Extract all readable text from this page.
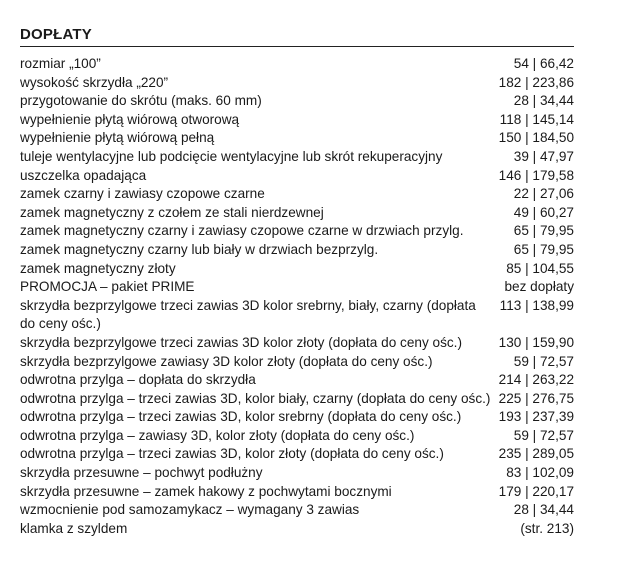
DOPŁATY
rozmiar „100”	54 | 66,42
wysokość skrzydła „220”	182 | 223,86
przygotowanie do skrótu (maks. 60 mm)	28 | 34,44
wypełnienie płytą wiórową otworową	118 | 145,14
wypełnienie płytą wiórową pełną	150 | 184,50
tuleje wentylacyjne lub podcięcie wentylacyjne lub skrót rekuperacyjny	39 | 47,97
uszczelka opadająca	146 | 179,58
zamek czarny i zawiasy czopowe czarne	22 | 27,06
zamek magnetyczny z czołem ze stali nierdzewnej	49 | 60,27
zamek magnetyczny czarny i zawiasy czopowe czarne w drzwiach przylg.	65 | 79,95
zamek magnetyczny czarny lub biały w drzwiach bezprzylg.	65 | 79,95
zamek magnetyczny złoty	85 | 104,55
PROMOCJA – pakiet PRIME	bez dopłaty
skrzydła bezprzylgowe trzeci zawias 3D kolor srebrny, biały, czarny (dopłata do ceny ośc.)
113 | 138,99
skrzydła bezprzylgowe trzeci zawias 3D kolor złoty (dopłata do ceny ośc.)	130 | 159,90
skrzydła bezprzylgowe zawiasy 3D kolor złoty (dopłata do ceny ośc.)	59 | 72,57
odwrotna przylga – dopłata do skrzydła	214 | 263,22
odwrotna przylga – trzeci zawias 3D, kolor biały, czarny (dopłata do ceny ośc.) 225 | 276,75
odwrotna przylga – trzeci zawias 3D, kolor srebrny (dopłata do ceny ośc.)	193 | 237,39
odwrotna przylga – zawiasy 3D, kolor złoty (dopłata do ceny ośc.)	59 | 72,57
odwrotna przylga – trzeci zawias 3D, kolor złoty (dopłata do ceny ośc.)	235 | 289,05
skrzydła przesuwne – pochwyt podłużny	83 | 102,09
skrzydła przesuwne – zamek hakowy z pochwytami bocznymi	179 | 220,17
wzmocnienie pod samozamykacz – wymagany 3 zawias	28 | 34,44
klamka z szyldem	(str. 213)
